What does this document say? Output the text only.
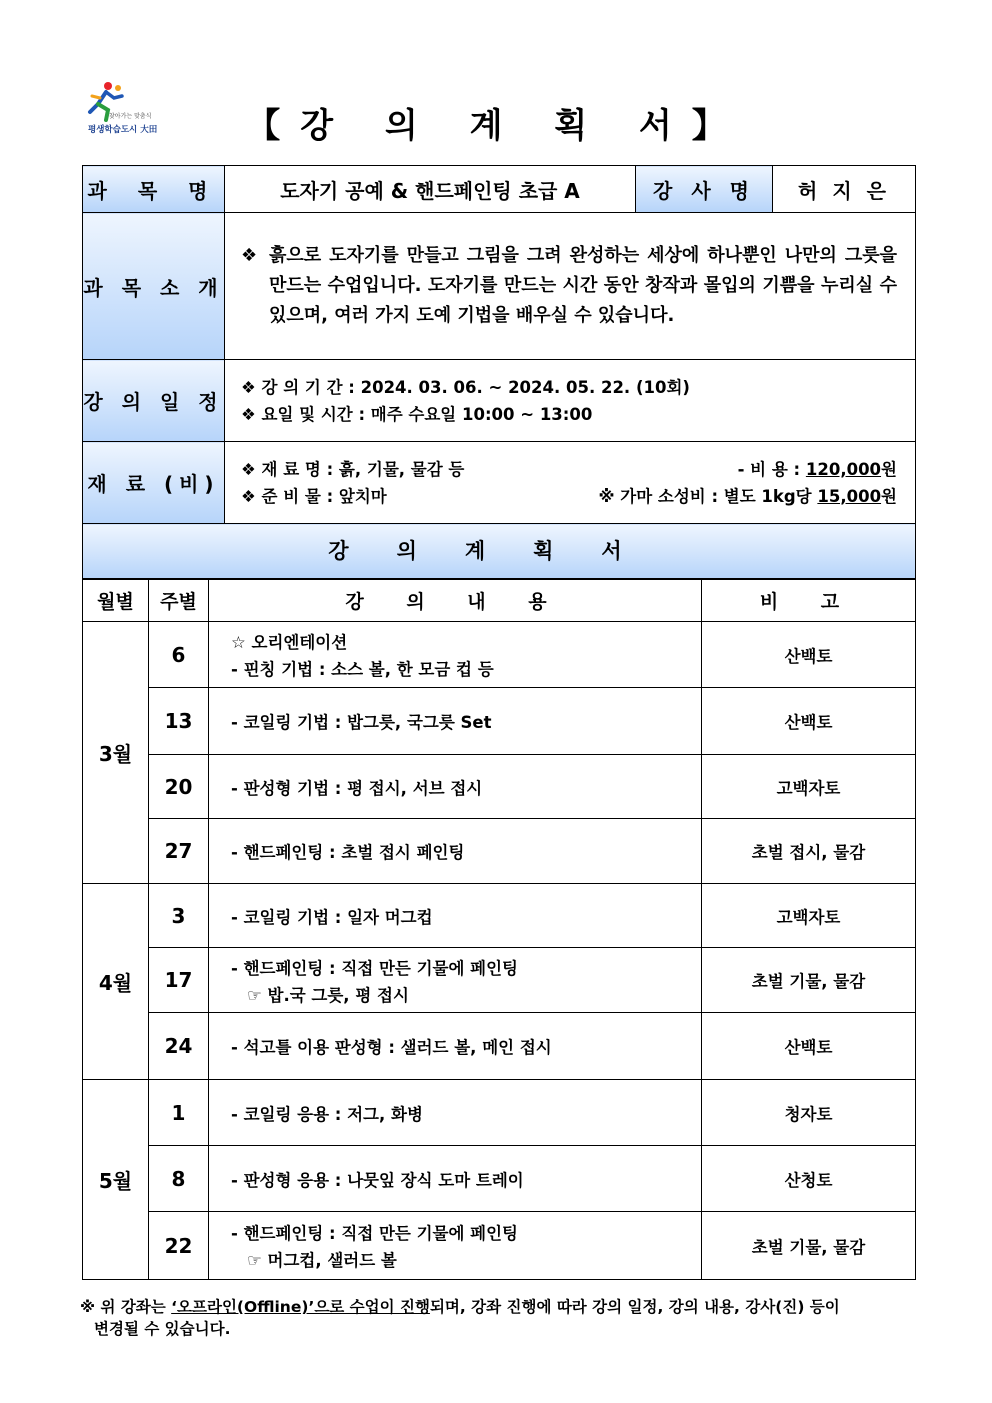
찾아가는 맞춤식
평생학습도시 大田	【강 의 계 획 서】
과 목 명	도자기 공예 & 핸드페인팅 초급 A	강 사 명	허 지 은
과 목 소 개	❖ 흙으로 도자기를 만들고 그림을 그려 완성하는 세상에 하나뿐인 나만의 그릇을 만드는 수업입니다. 도자기를 만드는 시간 동안 창작과 몰입의 기쁨을 누리실 수 있으며, 여러 가지 도예 기법을 배우실 수 있습니다.		

강 의 일 정	❖ 강 의 기 간 : 2024. 03. 06. ~ 2024. 05. 22. (10회)
❖ 요일 및 시간 : 매주 수요일 10:00 ~ 13:00		

재 료 (비)	❖ 재 료 명 : 흙, 기물, 물감 등 - 비 용 : 120,000원
❖ 준 비 물 : 앞치마 ※ 가마 소성비 : 별도 1kg당 15,000원		

강의계획서			
월별	주별	강 의 내 용	비 고
3월	6	☆ 오리엔테이션
- 핀칭 기법 : 소스 볼, 한 모금 컵 등	산백토
	13	- 코일링 기법 : 밥그릇, 국그릇 Set	산백토
	20	- 판성형 기법 : 평 접시, 서브 접시	고백자토
	27	- 핸드페인팅 : 초벌 접시 페인팅	초벌 접시, 물감
4월	3	- 코일링 기법 : 일자 머그컵	고백자토
	17	- 핸드페인팅 : 직접 만든 기물에 페인팅
☞ 밥.국 그릇, 평 접시	초벌 기물, 물감
	24	- 석고틀 이용 판성형 : 샐러드 볼, 메인 접시	산백토
5월	1	- 코일링 응용 : 저그, 화병	청자토
	8	- 판성형 응용 : 나뭇잎 장식 도마 트레이	산청토
	22	- 핸드페인팅 : 직접 만든 기물에 페인팅
☞ 머그컵, 샐러드 볼	초벌 기물, 물감
※ 위 강좌는 ‘오프라인(Offline)’으로 수업이 진행되며, 강좌 진행에 따라 강의 일정, 강의 내용, 강사(진) 등이
변경될 수 있습니다.
